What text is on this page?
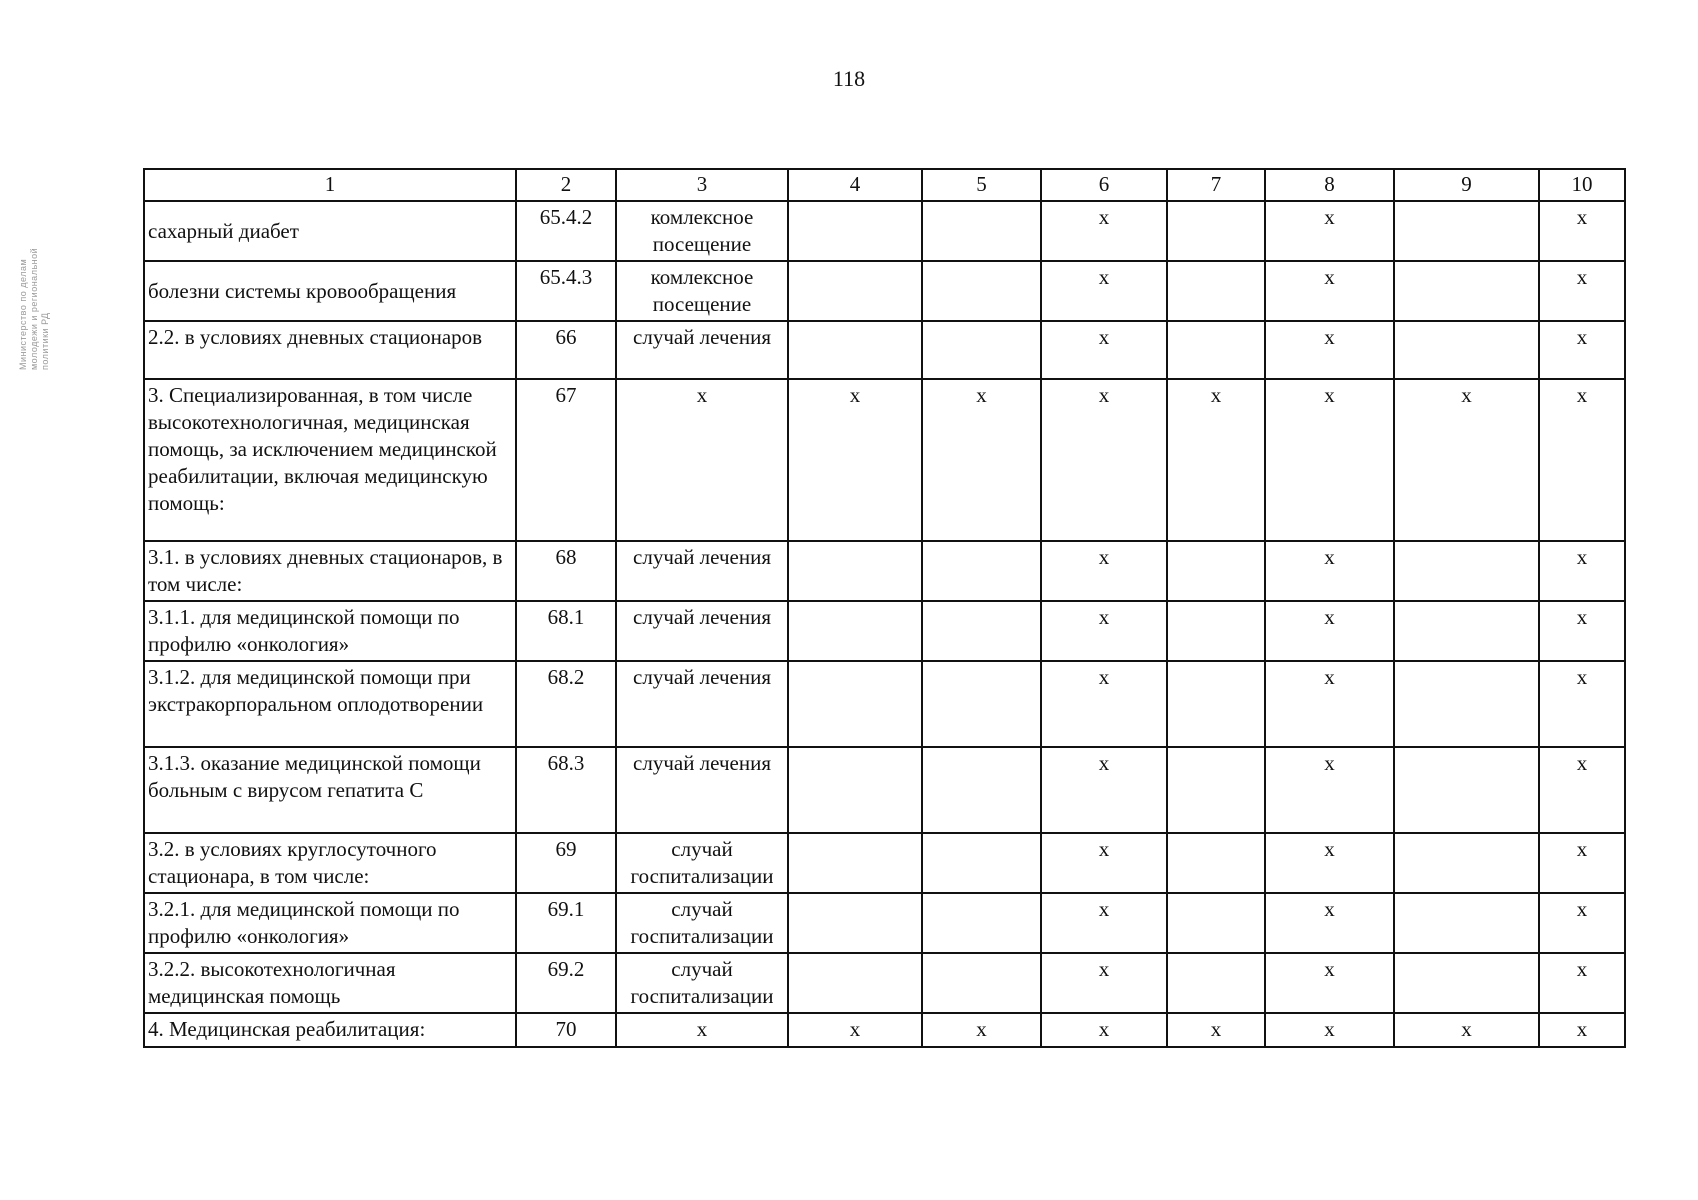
118
Министерство по делам молодежи и региональной политики РД
1	2	3	4	5	6	7	8	9	10
сахарный диабет	65.4.2	комлексное посещение			x		x		x
болезни системы кровообращения	65.4.3	комлексное посещение			x		x		x
2.2. в условиях дневных стационаров	66	случай лечения			x		x		x
3. Специализированная, в том числе высокотехнологичная, медицинская помощь, за исключением медицинской реабилитации, включая медицинскую помощь:	67	x	x	x	x	x	x	x	x
3.1. в условиях дневных стационаров, в том числе:	68	случай лечения			x		x		x
3.1.1. для медицинской помощи по профилю «онкология»	68.1	случай лечения			x		x		x
3.1.2. для медицинской помощи при экстракорпоральном оплодотворении	68.2	случай лечения			x		x		x
3.1.3. оказание медицинской помощи больным с вирусом гепатита С	68.3	случай лечения			x		x		x
3.2. в условиях круглосуточного стационара, в том числе:	69	случай госпитализации			x		x		x
3.2.1. для медицинской помощи по профилю «онкология»	69.1	случай госпитализации			x		x		x
3.2.2. высокотехнологичная медицинская помощь	69.2	случай госпитализации			x		x		x
4. Медицинская реабилитация:	70	x	x	x	x	x	x	x	x
